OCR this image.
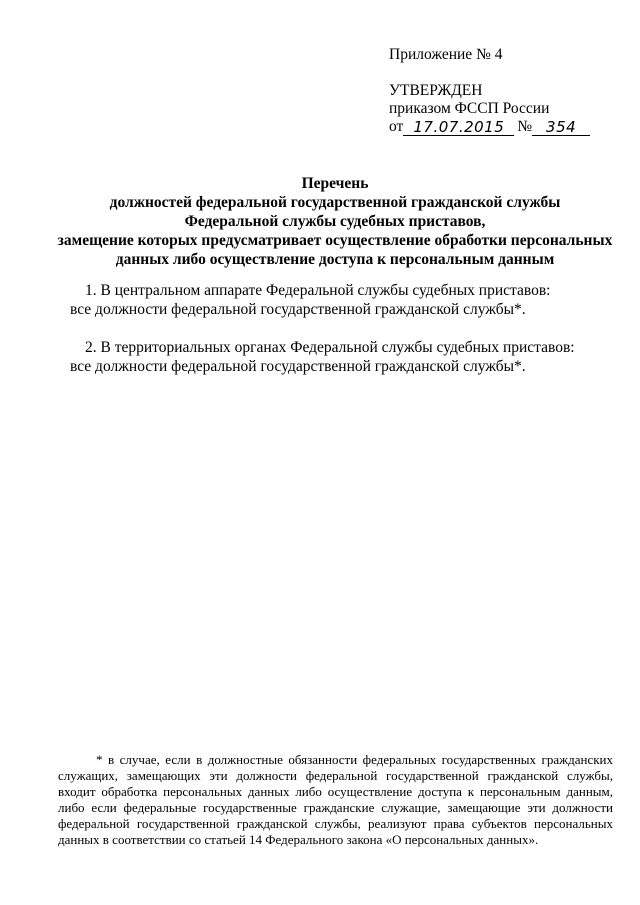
Приложение № 4
УТВЕРЖДЕН
приказом ФССП России
от 17.07.2015 № 354
Перечень
должностей федеральной государственной гражданской службы
Федеральной службы судебных приставов,
замещение которых предусматривает осуществление обработки персональных
данных либо осуществление доступа к персональным данным

1. В центральном аппарате Федеральной службы судебных приставов:
все должности федеральной государственной гражданской службы*.

2. В территориальных органах Федеральной службы судебных приставов:
все должности федеральной государственной гражданской службы*.

* в случае, если в должностные обязанности федеральных государственных гражданских служащих, замещающих эти должности федеральной государственной гражданской службы, входит обработка персональных данных либо осуществление доступа к персональным данным, либо если федеральные государственные гражданские служащие, замещающие эти должности федеральной государственной гражданской службы, реализуют права субъектов персональных данных в соответствии со статьей 14 Федерального закона «О персональных данных».
